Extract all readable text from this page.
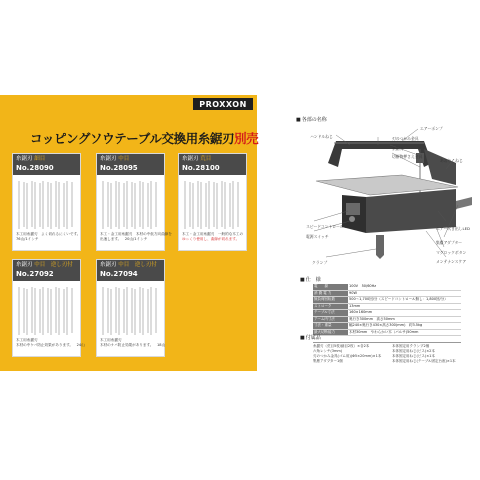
PROXXON
コッピングソウテーブル交換用糸鋸刃別売
糸鋸刃 細目
No.28090
木工用糸鋸刃　よく切れるにくいです。
76山/1インチ
糸鋸刃 中目
No.28095
木工・金工用糸鋸刃　木材の中低方向曲線を
出速します。　20山/1インチ
糸鋸刃 荒目
No.28100
木工・金工用糸鋸刃　一般的な木工の
ゆっくり使用し、曲線が切れます。
糸鋸刃 中目　逆し刃付
No.27092
木工用糸鋸刃
木材の中ケバ防止効果があります。　24山
糸鋸刃 中目　逆し刃付
No.27094
木工用糸鋸刃
木材のケバ防止効果があります。　18山
■ 各部の名称
エアーポンプ
ハンドルねじ	刃のつかみ金具
糸鋸刃
切断物押さえ金具
あおりこねじ
スピードコントロールつまみ
電源スイッチ
エアー吹き出しLED
集塵アダプター
マグロックボタン
メンテナンスケア
クランプ
■ 仕　様
電　　源	100V　50/60Hz
消 費 電 力	90W
無負荷回転数	500～1,700回/分（スピードコントロール無し：1,800回/分）
ストローク	13mm
テーブル寸法	160×160mm
アーム内寸法	奥行き300mm　高さ50mm
寸法・重量	幅240×奥行き430×高さ300(mm)　約3.5kg
最大切断能力	木材30mm　やわらかい木（バルサ)50mm
■ 付属品
糸鋸刃（荒目5枚/細目2枚）×各2本
六角レンチ(3mm)
刃のつかみ金具(ゴム用)(Φ5×20mm)×1本
集塵アダプター1個
本体固定用クランプ2個
本体固定用ねじ(ビス)×2本
本体固定用ねじ(ビス)×1本
本体固定用ねじ(テーブル固定台座)×1本
